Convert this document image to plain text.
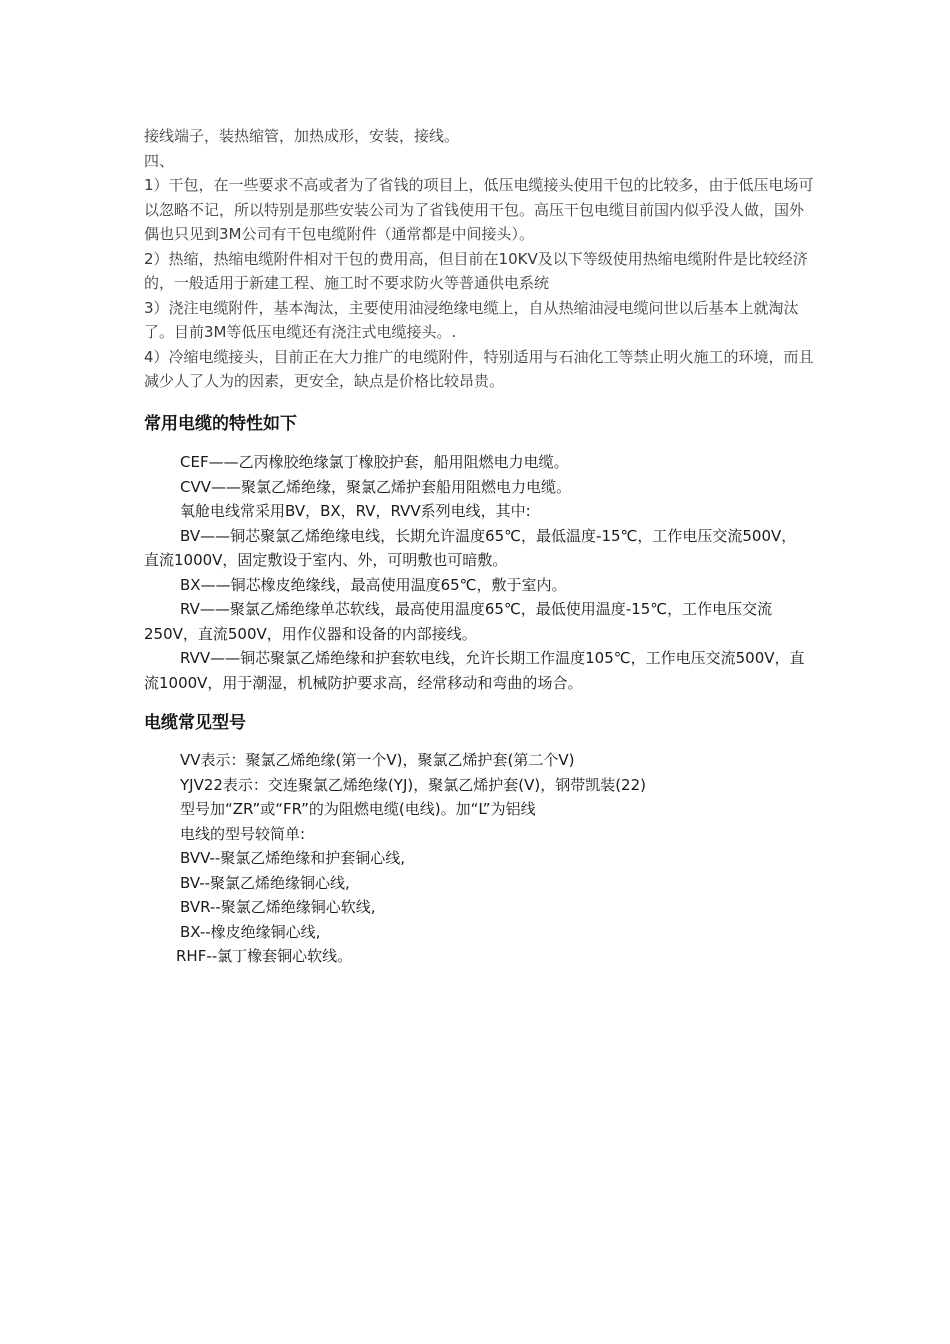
接线端子，装热缩管，加热成形，安装，接线。

四、

1）干包，在一些要求不高或者为了省钱的项目上，低压电缆接头使用干包的比较多，由于低压电场可以忽略不记，所以特别是那些安装公司为了省钱使用干包。高压干包电缆目前国内似乎没人做，国外偶也只见到3M公司有干包电缆附件（通常都是中间接头）。

2）热缩，热缩电缆附件相对干包的费用高，但目前在10KV及以下等级使用热缩电缆附件是比较经济的，一般适用于新建工程、施工时不要求防火等普通供电系统

3）浇注电缆附件，基本淘汰，主要使用油浸绝缘电缆上，自从热缩油浸电缆问世以后基本上就淘汰了。目前3M等低压电缆还有浇注式电缆接头。.

4）冷缩电缆接头，目前正在大力推广的电缆附件，特别适用与石油化工等禁止明火施工的环境，而且减少人了人为的因素，更安全，缺点是价格比较昂贵。

常用电缆的特性如下

CEF——乙丙橡胶绝缘氯丁橡胶护套，船用阻燃电力电缆。

CVV——聚氯乙烯绝缘，聚氯乙烯护套船用阻燃电力电缆。

氧舱电线常采用BV，BX，RV，RVV系列电线，其中:

BV——铜芯聚氯乙烯绝缘电线，长期允许温度65℃，最低温度-15℃，工作电压交流500V，直流1000V，固定敷设于室内、外，可明敷也可暗敷。

BX——铜芯橡皮绝缘线，最高使用温度65℃，敷于室内。

RV——聚氯乙烯绝缘单芯软线，最高使用温度65℃，最低使用温度-15℃，工作电压交流250V，直流500V，用作仪器和设备的内部接线。

RVV——铜芯聚氯乙烯绝缘和护套软电线，允许长期工作温度105℃，工作电压交流500V，直流1000V，用于潮湿，机械防护要求高，经常移动和弯曲的场合。

电缆常见型号

VV表示：聚氯乙烯绝缘(第一个V)，聚氯乙烯护套(第二个V)

YJV22表示：交连聚氯乙烯绝缘(YJ)，聚氯乙烯护套(V)，钢带凯装(22)

型号加“ZR”或“FR”的为阻燃电缆(电线)。加“L”为铝线

电线的型号较简单:

BVV--聚氯乙烯绝缘和护套铜心线,

BV--聚氯乙烯绝缘铜心线,

BVR--聚氯乙烯绝缘铜心软线,

BX--橡皮绝缘铜心线,

RHF--氯丁橡套铜心软线。
